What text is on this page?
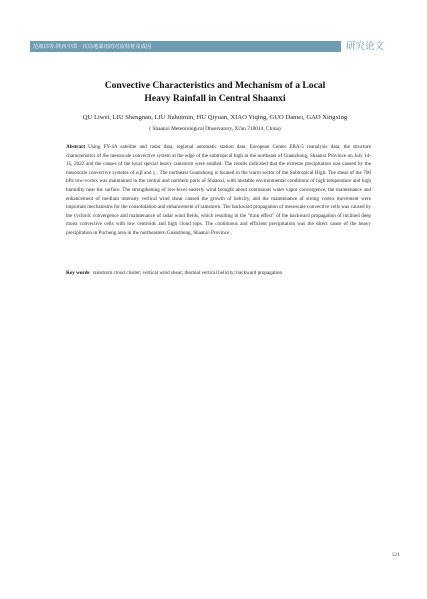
范淑玮等:陕西中部一次局地暴雨的对流特征及成因	研究论文
Convective Characteristics and Mechanism of a Local
Heavy Rainfall in Central Shaanxi
QU Liwei, LIU Shengnan, LIU Jiahuimin, HU Qiyuan, XIAO Yiqing, GUO Damei, GAO Xingxing
( Shaanxi Meteorological Observatory, Xi'an 710014, China)
Abstract Using FY-4A satellite and radar data, regional automatic station data, European Center ERA-5 reanalysis data, the structure characteristics of the mesoscale convective system at the edge of the subtropical high in the northeast of Guanzhong, Shaanxi Province on July 14-15, 2022 and the causes of the local special heavy rainstorm were studied. The results indicated that the extreme precipitation was caused by the mesoscale convective systems of α,β and γ . The northeast Guanzhong is located in the warm sector of the Subtropical High. The shear of the 700 hPa low-vortex was maintained in the central and northern parts of Shaanxi, with unstable environmental conditions of high temperature and high humidity near the surface. The strengthening of low-level easterly wind brought about continuous water vapor convergence, the maintenance and enhancement of medium intensity vertical wind shear caused the growth of helicity, and the maintenance of strong vortex movement were important mechanisms for the consolidation and enhancement of rainstorm. The backward propagation of mesoscale convective cells was caused by the cyclonic convergence and maintenance of radar wind fields, which resulting in the "train effect" of the backward propagation of inclined deep moist convective cells with low centroids and high cloud tops. The continuous and efficient precipitation was the direct cause of the heavy precipitation in Pucheng area in the northeastern Guanzhong, Shaanxi Province .
Key words rainstorm cloud cluster; vertical wind shear; thermal vertical helicity; backward propagation
121
